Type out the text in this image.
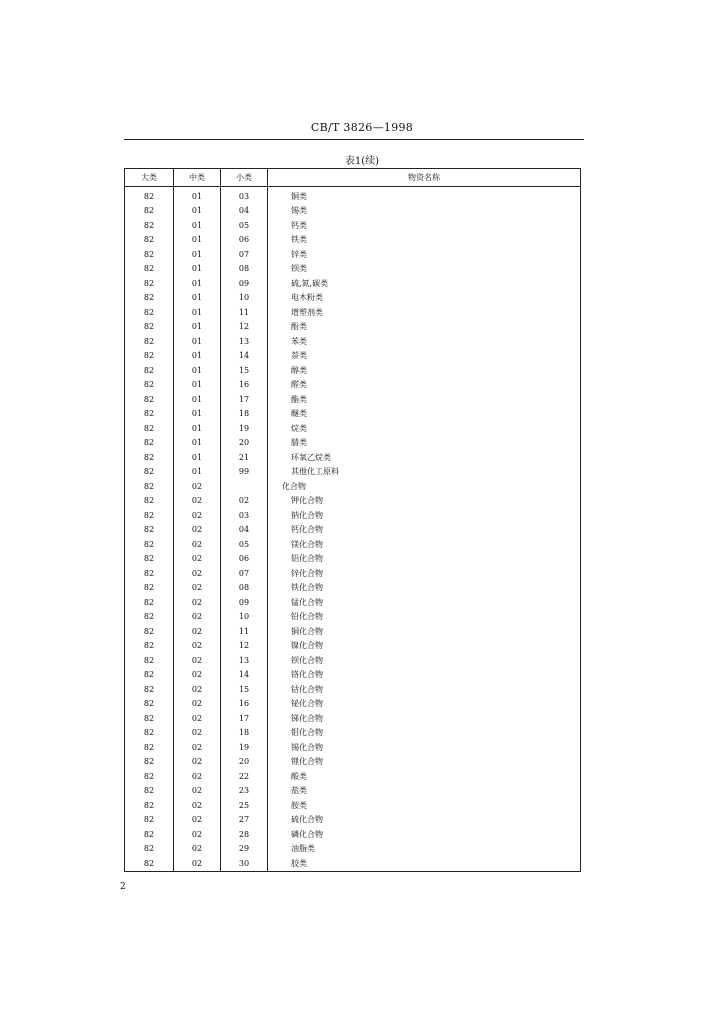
CB/T 3826—1998
表1(续)
大类	中类	小类	物资名称
82	01	03	铜类
82	01	04	锡类
82	01	05	钙类
82	01	06	铁类
82	01	07	锌类
82	01	08	钡类
82	01	09	硫,氮,碳类
82	01	10	电木粉类
82	01	11	增塑剂类
82	01	12	酚类
82	01	13	苯类
82	01	14	萘类
82	01	15	醇类
82	01	16	醛类
82	01	17	酯类
82	01	18	醚类
82	01	19	烷类
82	01	20	腈类
82	01	21	环氧乙烷类
82	01	99	其他化工原料
82	02		化合物
82	02	02	钾化合物
82	02	03	钠化合物
82	02	04	钙化合物
82	02	05	镁化合物
82	02	06	铝化合物
82	02	07	锌化合物
82	02	08	铁化合物
82	02	09	锰化合物
82	02	10	铅化合物
82	02	11	铜化合物
82	02	12	镍化合物
82	02	13	钡化合物
82	02	14	铬化合物
82	02	15	钴化合物
82	02	16	铋化合物
82	02	17	锑化合物
82	02	18	钼化合物
82	02	19	锡化合物
82	02	20	锂化合物
82	02	22	酸类
82	02	23	盐类
82	02	25	胺类
82	02	27	硫化合物
82	02	28	磷化合物
82	02	29	油脂类
82	02	30	胶类
2
